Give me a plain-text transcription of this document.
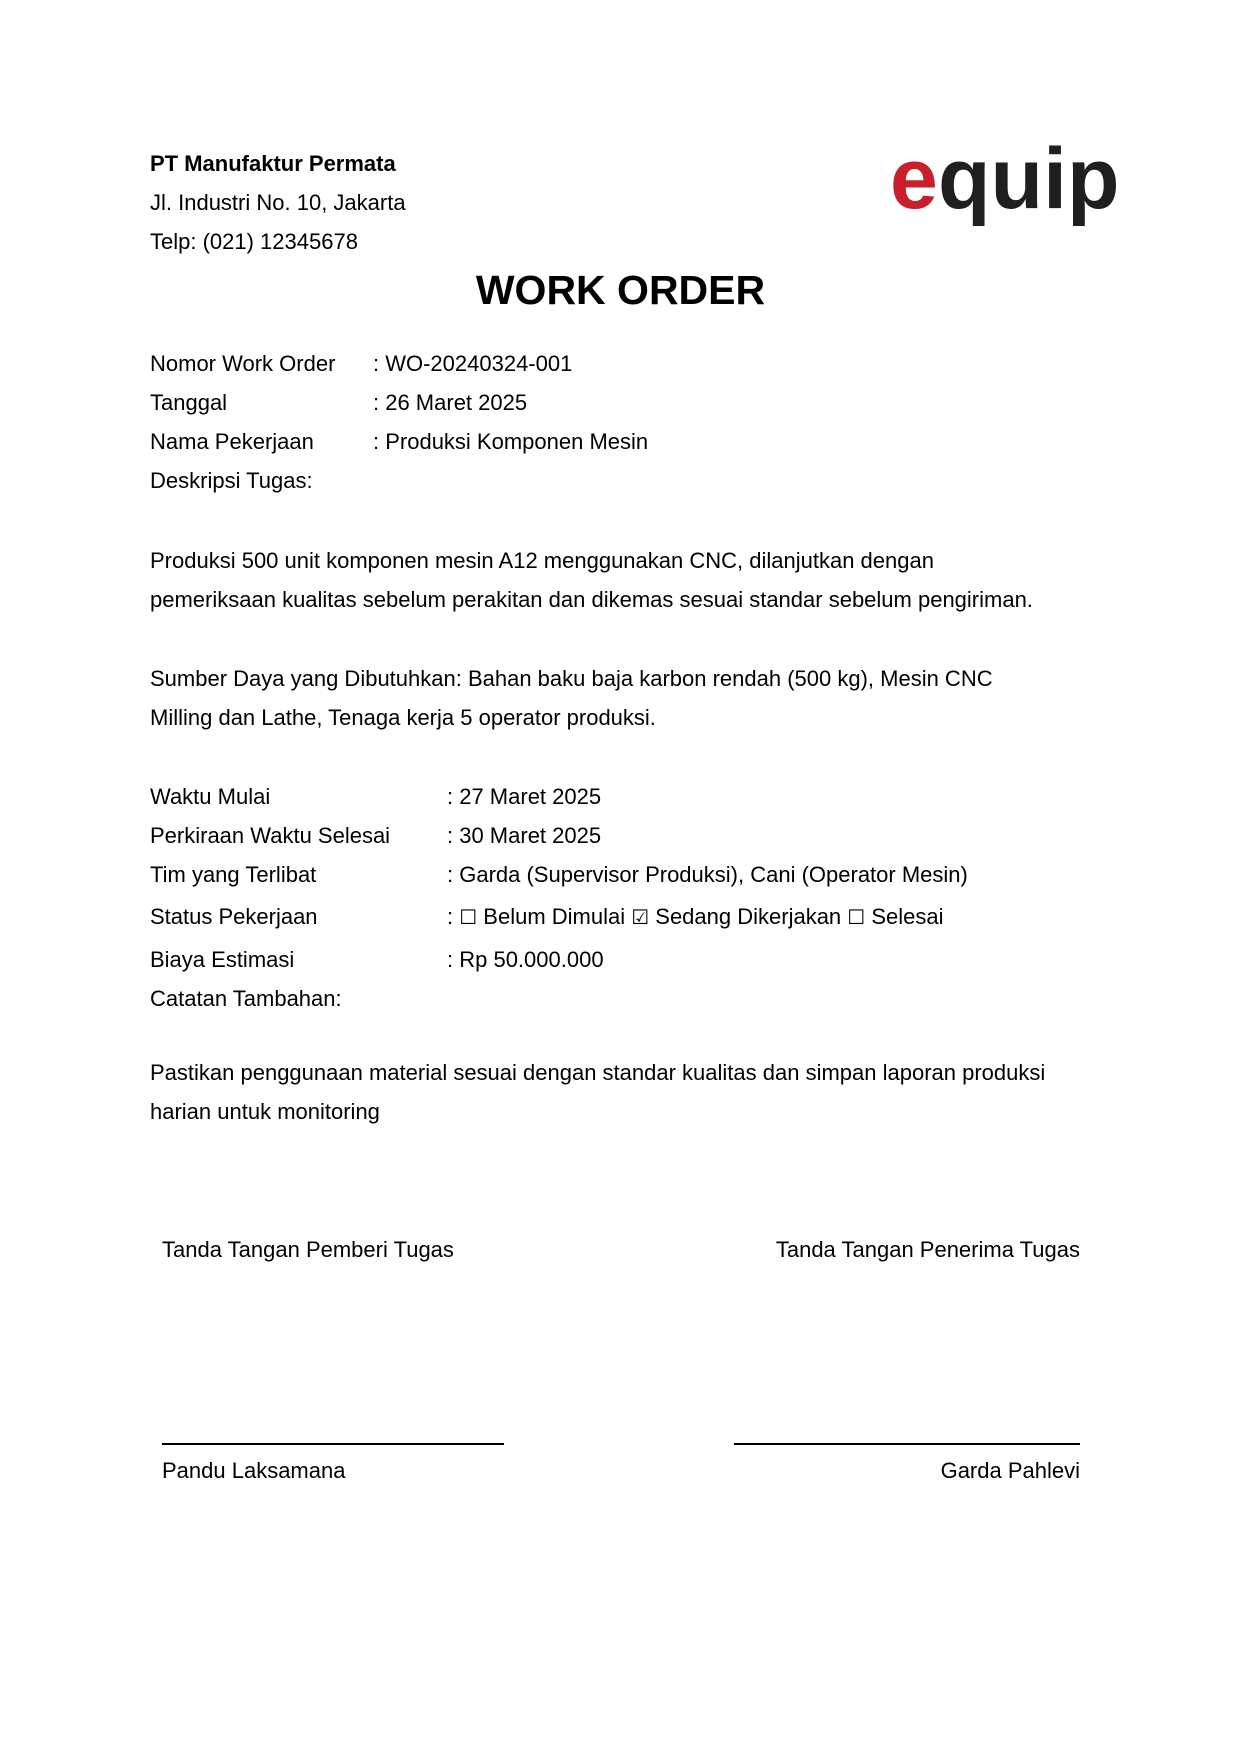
PT Manufaktur Permata
Jl. Industri No. 10, Jakarta
Telp: (021) 12345678
e quip
WORK ORDER
Nomor Work Order : WO-20240324-001
Tanggal	: 26 Maret 2025
Nama Pekerjaan	: Produksi Komponen Mesin
Deskripsi Tugas:
Produksi 500 unit komponen mesin A12 menggunakan CNC, dilanjutkan dengan
pemeriksaan kualitas sebelum perakitan dan dikemas sesuai standar sebelum pengiriman.
Sumber Daya yang Dibutuhkan: Bahan baku baja karbon rendah (500 kg), Mesin CNC
Milling dan Lathe, Tenaga kerja 5 operator produksi.
Waktu Mulai	: 27 Maret 2025
Perkiraan Waktu Selesai	: 30 Maret 2025
Tim yang Terlibat	: Garda (Supervisor Produksi), Cani (Operator Mesin)
Status Pekerjaan	: ☐ Belum Dimulai ☑ Sedang Dikerjakan ☐ Selesai
Biaya Estimasi	: Rp 50.000.000
Catatan Tambahan:
Pastikan penggunaan material sesuai dengan standar kualitas dan simpan laporan produksi
harian untuk monitoring
Tanda Tangan Pemberi Tugas	Tanda Tangan Penerima Tugas
Pandu Laksamana	Garda Pahlevi
